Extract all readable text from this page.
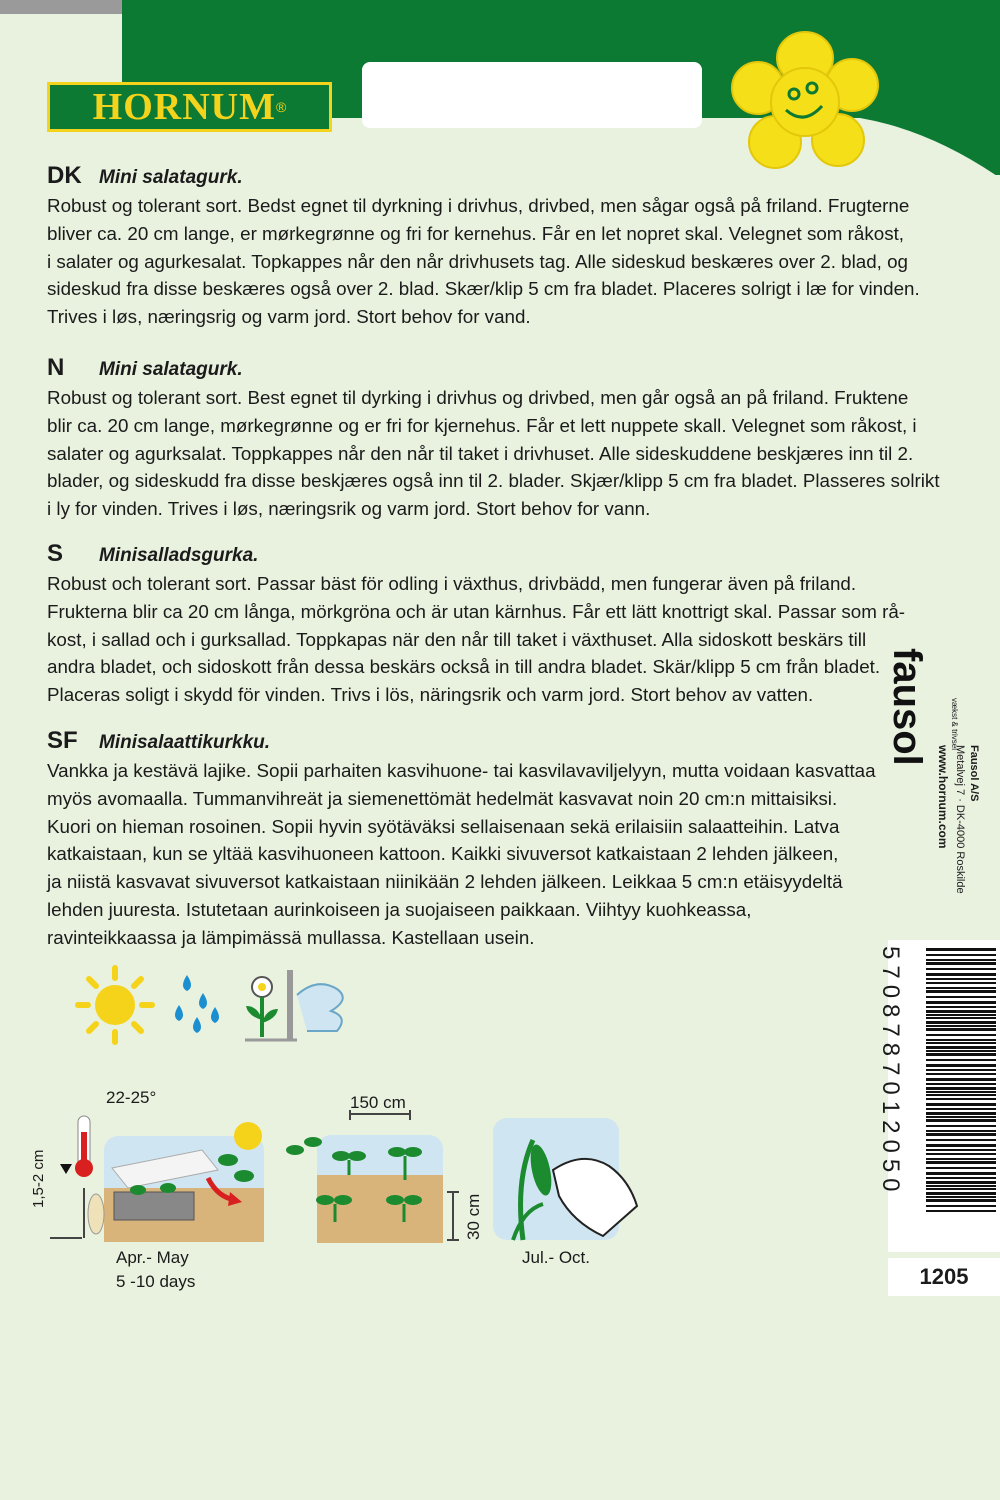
HORNUM ®
DK Mini salatagurk.
Robust og tolerant sort. Bedst egnet til dyrkning i drivhus, drivbed, men sågar også på friland. Frugterne
bliver ca. 20 cm lange, er mørkegrønne og fri for kernehus. Får en let nopret skal. Velegnet som råkost,
i salater og agurkesalat. Topkappes når den når drivhusets tag. Alle sideskud beskæres over 2. blad, og
sideskud fra disse beskæres også over 2. blad. Skær/klip 5 cm fra bladet. Placeres solrigt i læ for vinden.
Trives i løs, næringsrig og varm jord. Stort behov for vand.
N Mini salatagurk.
Robust og tolerant sort. Best egnet til dyrking i drivhus og drivbed, men går også an på friland. Fruktene
blir ca. 20 cm lange, mørkegrønne og er fri for kjernehus. Får et lett nuppete skall. Velegnet som råkost, i
salater og agurksalat. Toppkappes når den når til taket i drivhuset. Alle sideskuddene beskjæres inn til 2.
blader, og sideskudd fra disse beskjæres også inn til 2. blader. Skjær/klipp 5 cm fra bladet. Plasseres solrikt
i ly for vinden. Trives i løs, næringsrik og varm jord. Stort behov for vann.
S Minisalladsgurka.
Robust och tolerant sort. Passar bäst för odling i växthus, drivbädd, men fungerar även på friland.
Frukterna blir ca 20 cm långa, mörkgröna och är utan kärnhus. Får ett lätt knottrigt skal. Passar som rå-
kost, i sallad och i gurksallad. Toppkapas när den når till taket i växthuset. Alla sidoskott beskärs till
andra bladet, och sidoskott från dessa beskärs också in till andra bladet. Skär/klipp 5 cm från bladet.
Placeras soligt i skydd för vinden. Trivs i lös, näringsrik och varm jord. Stort behov av vatten.
SF Minisalaattikurkku.
Vankka ja kestävä lajike. Sopii parhaiten kasvihuone- tai kasvilavaviljelyyn, mutta voidaan kasvattaa
myös avomaalla. Tummanvihreät ja siemenettömät hedelmät kasvavat noin 20 cm:n mittaisiksi.
Kuori on hieman rosoinen. Sopii hyvin syötäväksi sellaisenaan sekä erilaisiin salaatteihin. Latva
katkaistaan, kun se yltää kasvihuoneen kattoon. Kaikki sivuversot katkaistaan 2 lehden jälkeen,
ja niistä kasvavat sivuversot katkaistaan niinikään 2 lehden jälkeen. Leikkaa 5 cm:n etäisyydeltä
lehden juuresta. Istutetaan aurinkoiseen ja suojaiseen paikkaan. Viihtyy kuohkeassa,
ravinteikkaassa ja lämpimässä mullassa. Kastellaan usein.
22-25°
1,5-2 cm
Apr.- May
5 -10 days
150 cm
30 cm
Jul.- Oct.
fausol	vækst & trivsel
Fausol A/S
Metalvej 7 · DK-4000 Roskilde
www.hornum.com
5708787012050
1205
